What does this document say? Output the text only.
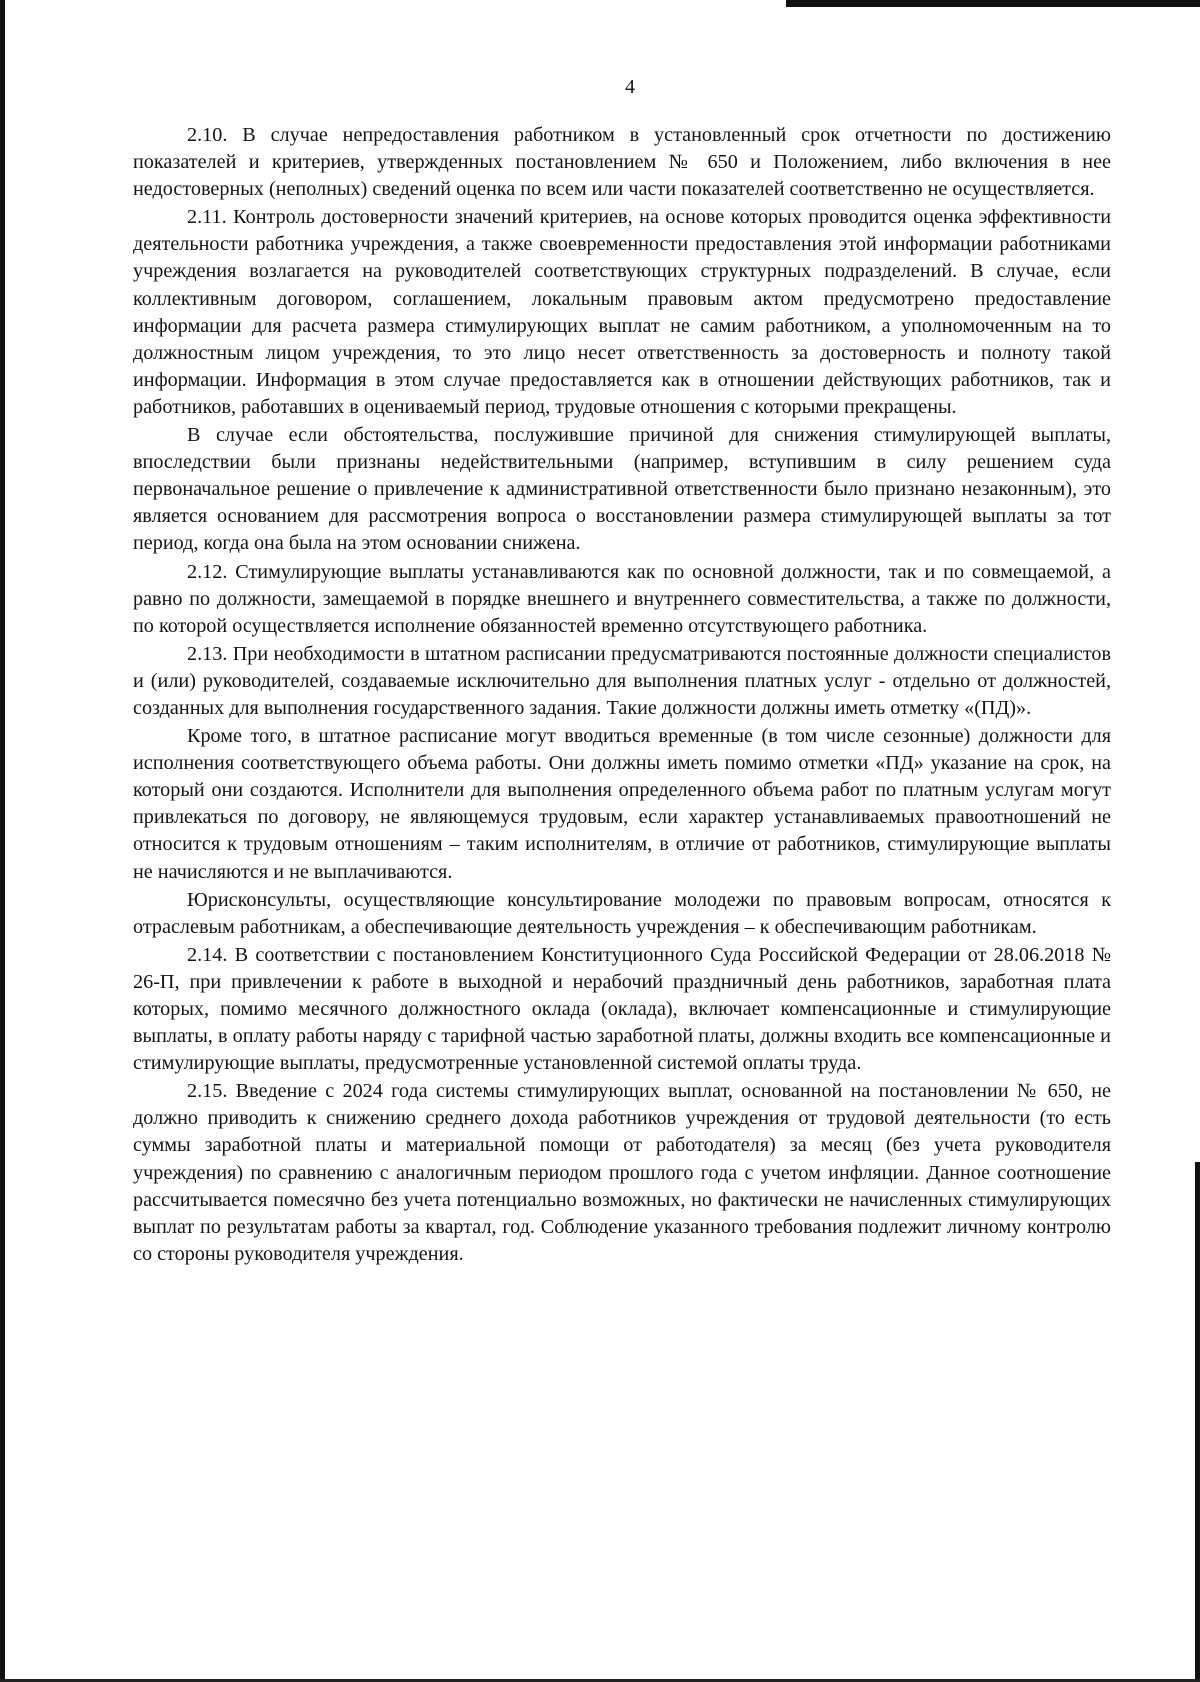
4

2.10. В случае непредоставления работником в установленный срок отчетности по достижению показателей и критериев, утвержденных постановлением № 650 и Положением, либо включения в нее недостоверных (неполных) сведений оценка по всем или части показателей соответственно не осуществляется.

2.11. Контроль достоверности значений критериев, на основе которых проводится оценка эффективности деятельности работника учреждения, а также своевременности предоставления этой информации работниками учреждения возлагается на руководителей соответствующих структурных подразделений. В случае, если коллективным договором, соглашением, локальным правовым актом предусмотрено предоставление информации для расчета размера стимулирующих выплат не самим работником, а уполномоченным на то должностным лицом учреждения, то это лицо несет ответственность за достоверность и полноту такой информации. Информация в этом случае предоставляется как в отношении действующих работников, так и работников, работавших в оцениваемый период, трудовые отношения с которыми прекращены.

В случае если обстоятельства, послужившие причиной для снижения стимулирующей выплаты, впоследствии были признаны недействительными (например, вступившим в силу решением суда первоначальное решение о привлечение к административной ответственности было признано незаконным), это является основанием для рассмотрения вопроса о восстановлении размера стимулирующей выплаты за тот период, когда она была на этом основании снижена.

2.12. Стимулирующие выплаты устанавливаются как по основной должности, так и по совмещаемой, а равно по должности, замещаемой в порядке внешнего и внутреннего совместительства, а также по должности, по которой осуществляется исполнение обязанностей временно отсутствующего работника.

2.13. При необходимости в штатном расписании предусматриваются постоянные должности специалистов и (или) руководителей, создаваемые исключительно для выполнения платных услуг - отдельно от должностей, созданных для выполнения государственного задания. Такие должности должны иметь отметку «(ПД)».

Кроме того, в штатное расписание могут вводиться временные (в том числе сезонные) должности для исполнения соответствующего объема работы. Они должны иметь помимо отметки «ПД» указание на срок, на который они создаются. Исполнители для выполнения определенного объема работ по платным услугам могут привлекаться по договору, не являющемуся трудовым, если характер устанавливаемых правоотношений не относится к трудовым отношениям – таким исполнителям, в отличие от работников, стимулирующие выплаты не начисляются и не выплачиваются.

Юрисконсульты, осуществляющие консультирование молодежи по правовым вопросам, относятся к отраслевым работникам, а обеспечивающие деятельность учреждения – к обеспечивающим работникам.

2.14. В соответствии с постановлением Конституционного Суда Российской Федерации от 28.06.2018 № 26-П, при привлечении к работе в выходной и нерабочий праздничный день работников, заработная плата которых, помимо месячного должностного оклада (оклада), включает компенсационные и стимулирующие выплаты, в оплату работы наряду с тарифной частью заработной платы, должны входить все компенсационные и стимулирующие выплаты, предусмотренные установленной системой оплаты труда.

2.15. Введение с 2024 года системы стимулирующих выплат, основанной на постановлении № 650, не должно приводить к снижению среднего дохода работников учреждения от трудовой деятельности (то есть суммы заработной платы и материальной помощи от работодателя) за месяц (без учета руководителя учреждения) по сравнению с аналогичным периодом прошлого года с учетом инфляции. Данное соотношение рассчитывается помесячно без учета потенциально возможных, но фактически не начисленных стимулирующих выплат по результатам работы за квартал, год. Соблюдение указанного требования подлежит личному контролю со стороны руководителя учреждения.
